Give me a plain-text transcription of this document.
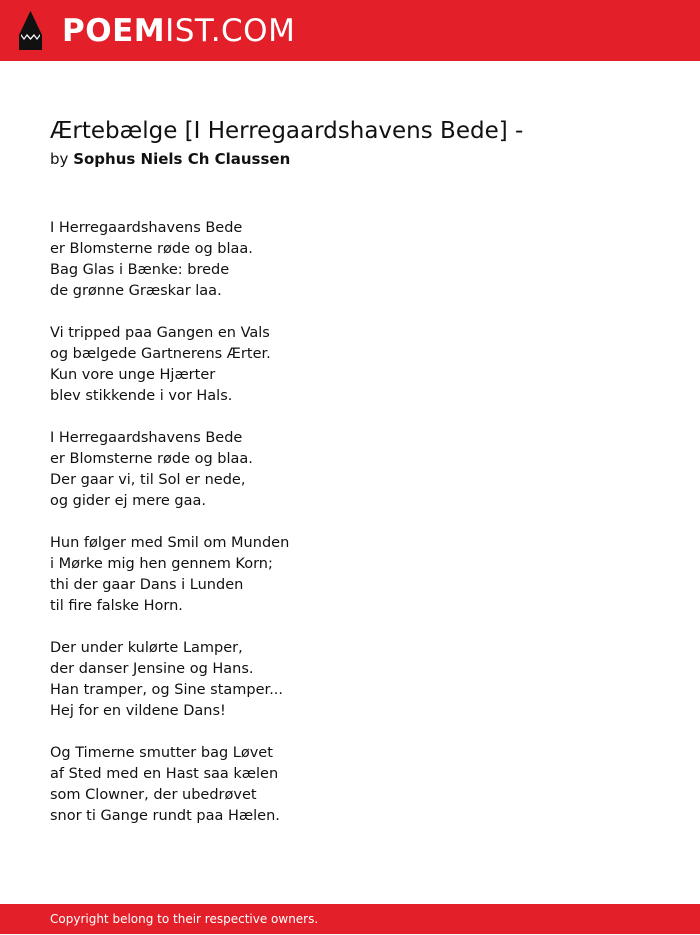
POEMIST.COM
Ærtebælge [I Herregaardshavens Bede] -
by Sophus Niels Ch Claussen
I Herregaardshavens Bede
er Blomsterne røde og blaa.
Bag Glas i Bænke: brede
de grønne Græskar laa.
Vi tripped paa Gangen en Vals
og bælgede Gartnerens Ærter.
Kun vore unge Hjærter
blev stikkende i vor Hals.
I Herregaardshavens Bede
er Blomsterne røde og blaa.
Der gaar vi, til Sol er nede,
og gider ej mere gaa.
Hun følger med Smil om Munden
i Mørke mig hen gennem Korn;
thi der gaar Dans i Lunden
til fire falske Horn.
Der under kulørte Lamper,
der danser Jensine og Hans.
Han tramper, og Sine stamper...
Hej for en vildene Dans!
Og Timerne smutter bag Løvet
af Sted med en Hast saa kælen
som Clowner, der ubedrøvet
snor ti Gange rundt paa Hælen.
Copyright belong to their respective owners.
